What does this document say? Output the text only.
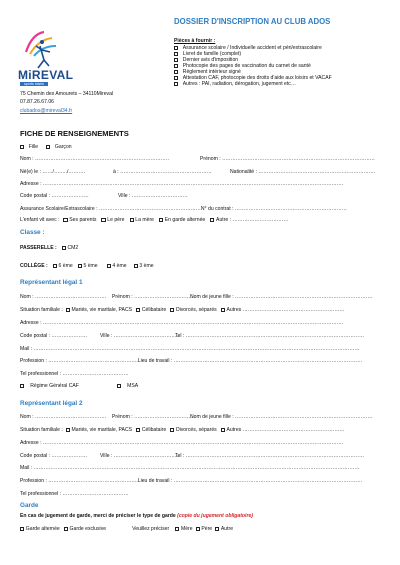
MiREVAL
sports loisirs
75 Chemin des Amourets – 34110Mireval
07.87.26.67.06
clubados@mireval34.fr
DOSSIER D'INSCRIPTION AU CLUB ADOS
Pièces à fournir :
Assurance scolaire / Individuelle accident et péri/extrascolaire
Livret de famille (complet)
Dernier avis d'imposition
Photocopie des pages de vaccination du carnet de santé
Règlement intérieur signé
Attestation CAF, photocopie des droits d'aide aux loisirs et VACAF
Autres : PAI, radiation, dérogation, jugement etc…
FICHE DE RENSEIGNEMENTS
Fille	Garçon
Nom : …………………………………………………………………….	Prénom : ………………………………………………………………………………
Né(e) le : ……/……../……….	à : ………………………………………………	Nationalité : ……………………………………………………………
Adresse : ……………………………………………………………………………………………………………………………………………………………
Code postal : ………………….	Ville : ……………………………
Assurance Scolaire/Extrascolaire : ……………………………………………………N° du contrat : …………………………………………………………
L'enfant vit avec : Ses parents Le père La mère En garde alternée Autre : ……………………………
Classe :
PASSERELLE : CM2
COLLÈGE : 6 ème 5 ème	4 ème	3 ème
Représentant légal 1
Nom : …………………………………… Prénom : ………………………………
Nom de jeune fille : ………………………………………………………………………
Situation familiale : Mariés, vie maritale, PACS Célibataire Divorcés, séparés Autres ……………………………………………………
Adresse : ……………………………………………………………………………………………………………………………………………………………
Code postal : …………………	Ville : …………………………………
Tel : ……………………………………………………………………………………………
Mail : …………………………………………………………………………………………………………………………………………………………………………
Profession : ……………………………………………..Lieu de travail : …………………………………………………………………………………………………
Tel professionnel : …………………………………
Régime Général CAF	MSA
Représentant légal 2
Nom : …………………………………… Prénom : ………………………………
Nom de jeune fille : ………………………………………………………………………
Situation familiale : Mariés, vie maritale, PACS Célibataire Divorcés, séparés Autres ……………………………………………………
Adresse : ……………………………………………………………………………………………………………………………………………………………
Code postal : …………………	Ville : …………………………………
Tel : ……………………………………………………………………………………………
Mail : …………………………………………………………………………………………………………………………………………………………………………
Profession : ……………………………………………..Lieu de travail : …………………………………………………………………………………………………
Tel professionnel : …………………………………
Garde
En cas de jugement de garde, merci de préciser le type de garde (copie du jugement obligatoire)
Garde alternée Garde exclusive	Veuillez préciser Mère Père Autre
